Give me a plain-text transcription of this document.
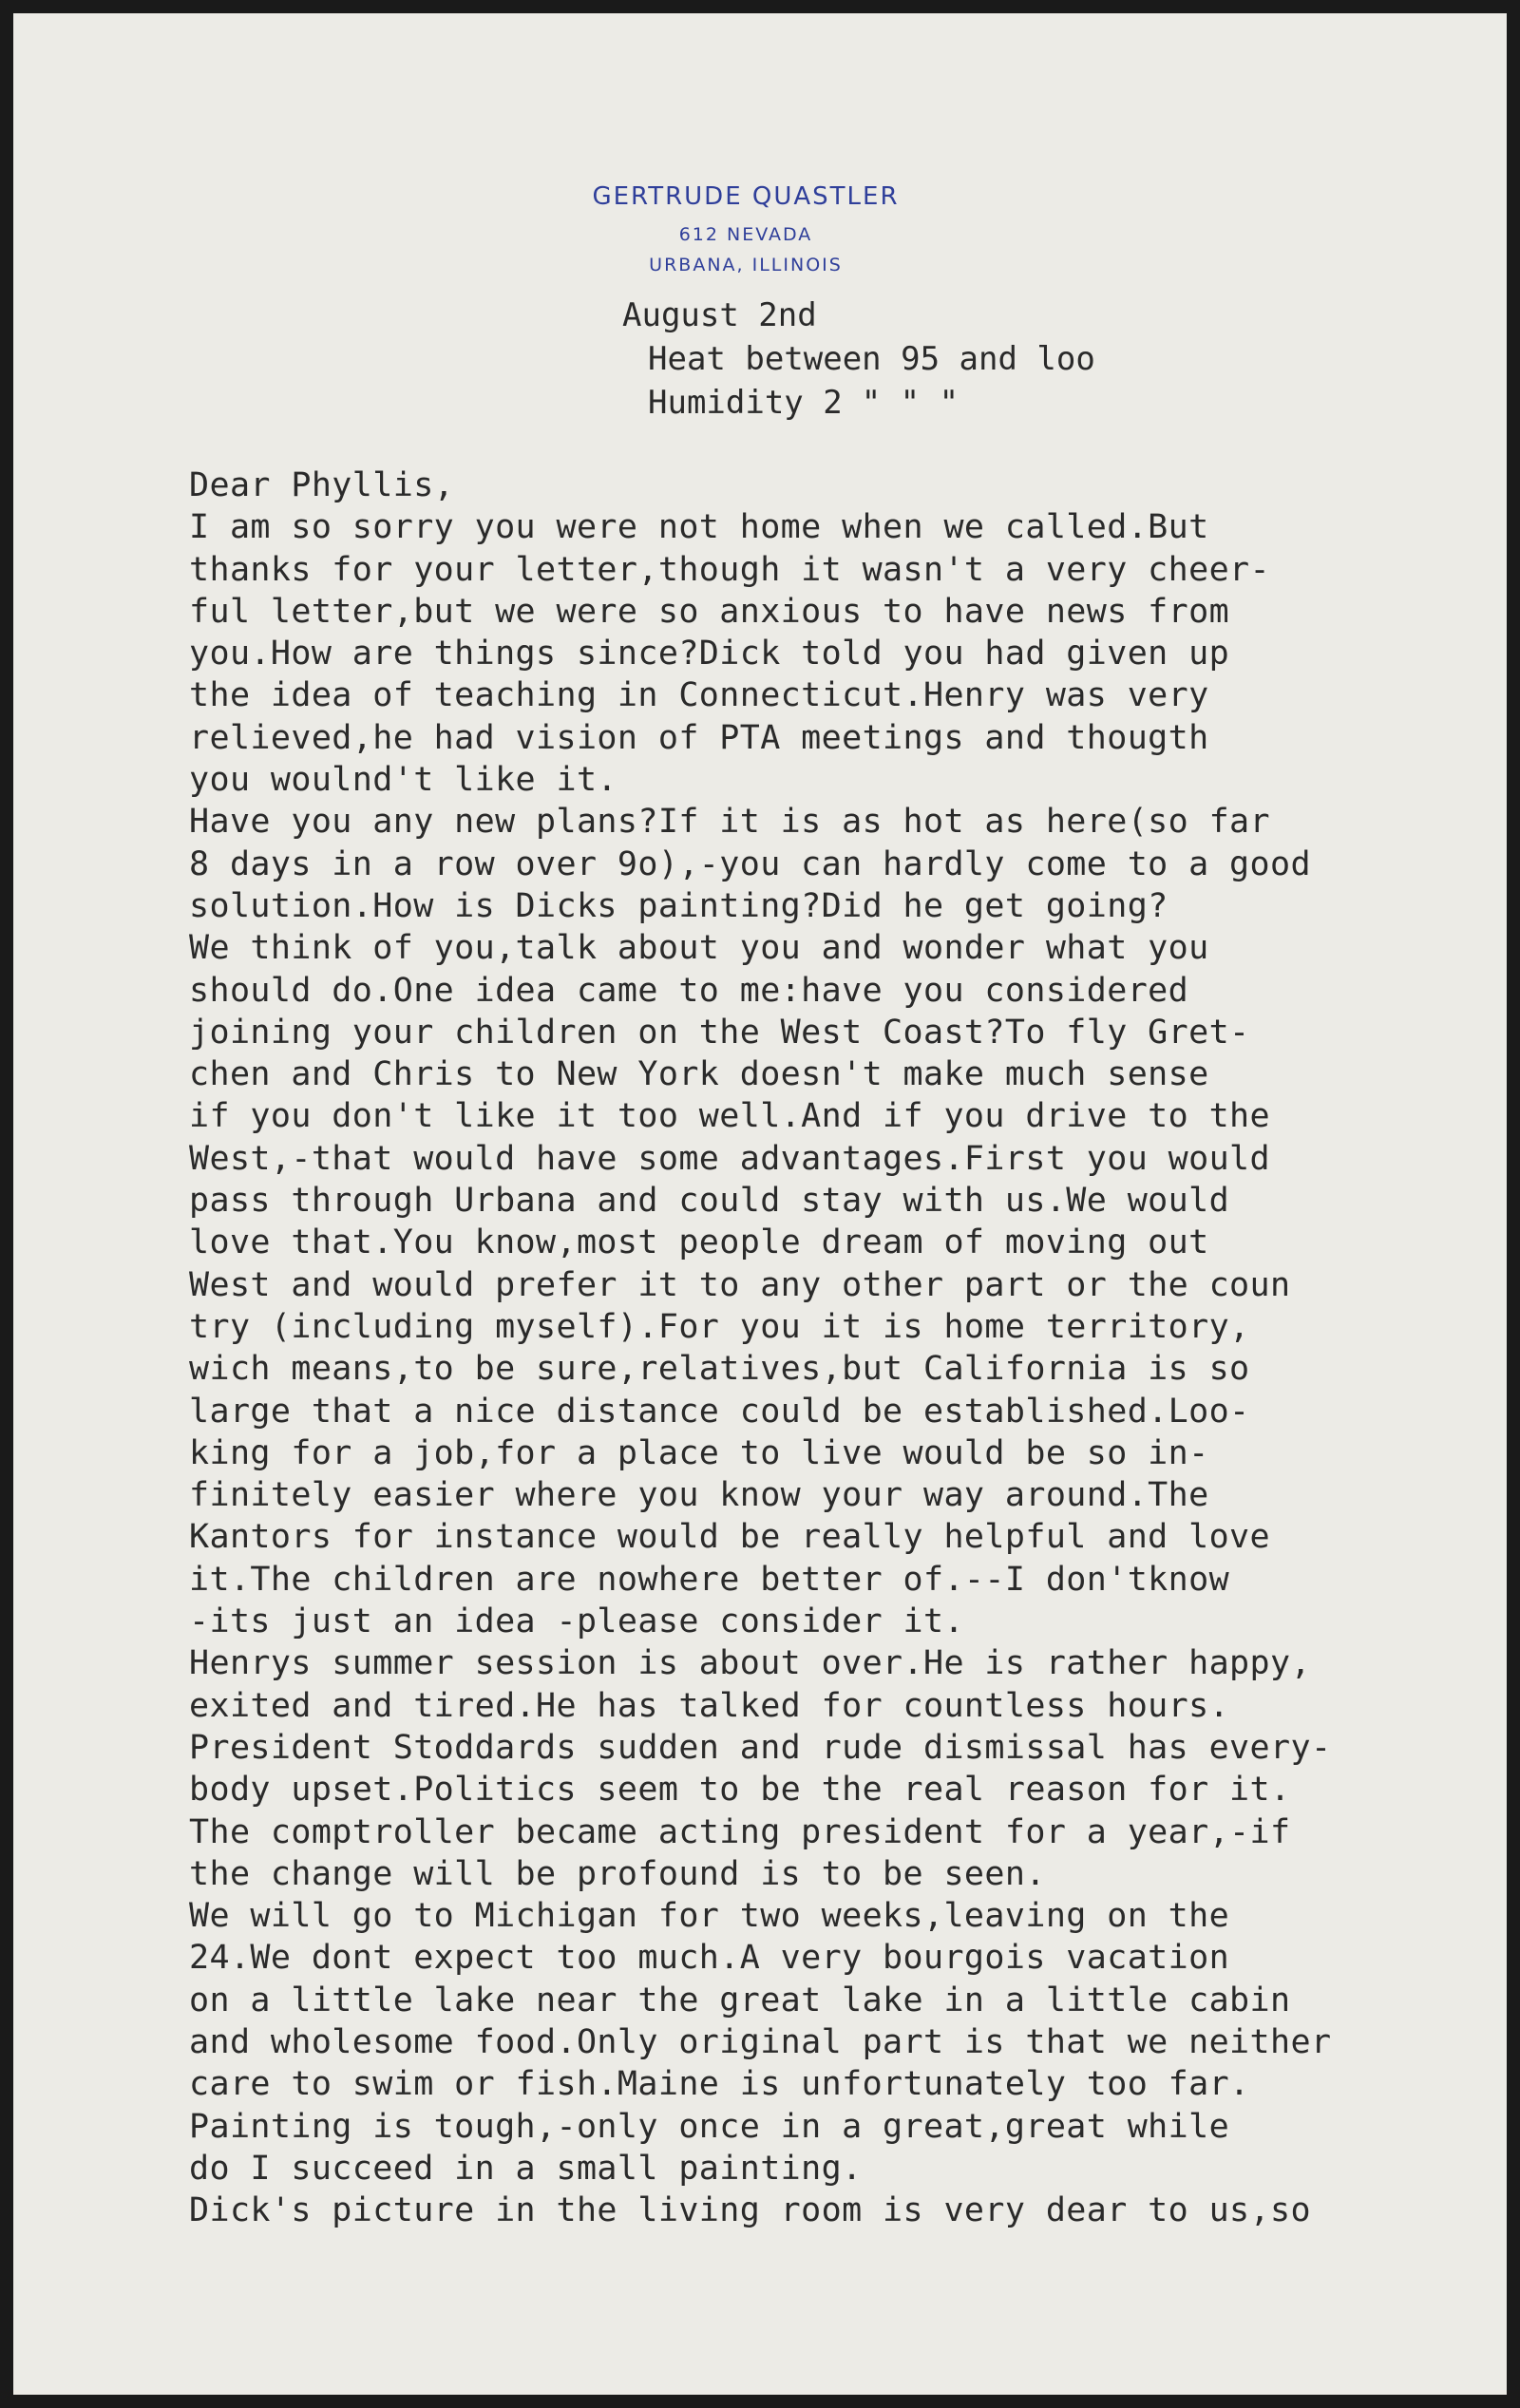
GERTRUDE QUASTLER
612 NEVADA
URBANA, ILLINOIS
August 2nd
Heat between 95 and loo
Humidity 2 " " "
Dear Phyllis,
I am so sorry you were not home when we called.But
thanks for your letter,though it wasn't a very cheer-
ful letter,but we were so anxious to have news from
you.How are things since?Dick told you had given up
the idea of teaching in Connecticut.Henry was very
relieved,he had vision of PTA meetings and thougth
you woulnd't like it.
Have you any new plans?If it is as hot as here(so far
8 days in a row over 9o),-you can hardly come to a good
solution.How is Dicks painting?Did he get going?
We think of you,talk about you and wonder what you
should do.One idea came to me:have you considered
joining your children on the West Coast?To fly Gret-
chen and Chris to New York doesn't make much sense
if you don't like it too well.And if you drive to the
West,-that would have some advantages.First you would
pass through Urbana and could stay with us.We would
love that.You know,most people dream of moving out
West and would prefer it to any other part or the coun
try (including myself).For you it is home territory,
wich means,to be sure,relatives,but California is so
large that a nice distance could be established.Loo-
king for a job,for a place to live would be so in-
finitely easier where you know your way around.The
Kantors for instance would be really helpful and love
it.The children are nowhere better of.--I don'tknow
-its just an idea -please consider it.
Henrys summer session is about over.He is rather happy,
exited and tired.He has talked for countless hours.
President Stoddards sudden and rude dismissal has every-
body upset.Politics seem to be the real reason for it.
The comptroller became acting president for a year,-if
the change will be profound is to be seen.
We will go to Michigan for two weeks,leaving on the
24.We dont expect too much.A very bourgois vacation
on a little lake near the great lake in a little cabin
and wholesome food.Only original part is that we neither
care to swim or fish.Maine is unfortunately too far.
Painting is tough,-only once in a great,great while
do I succeed in a small painting.
Dick's picture in the living room is very dear to us,so
